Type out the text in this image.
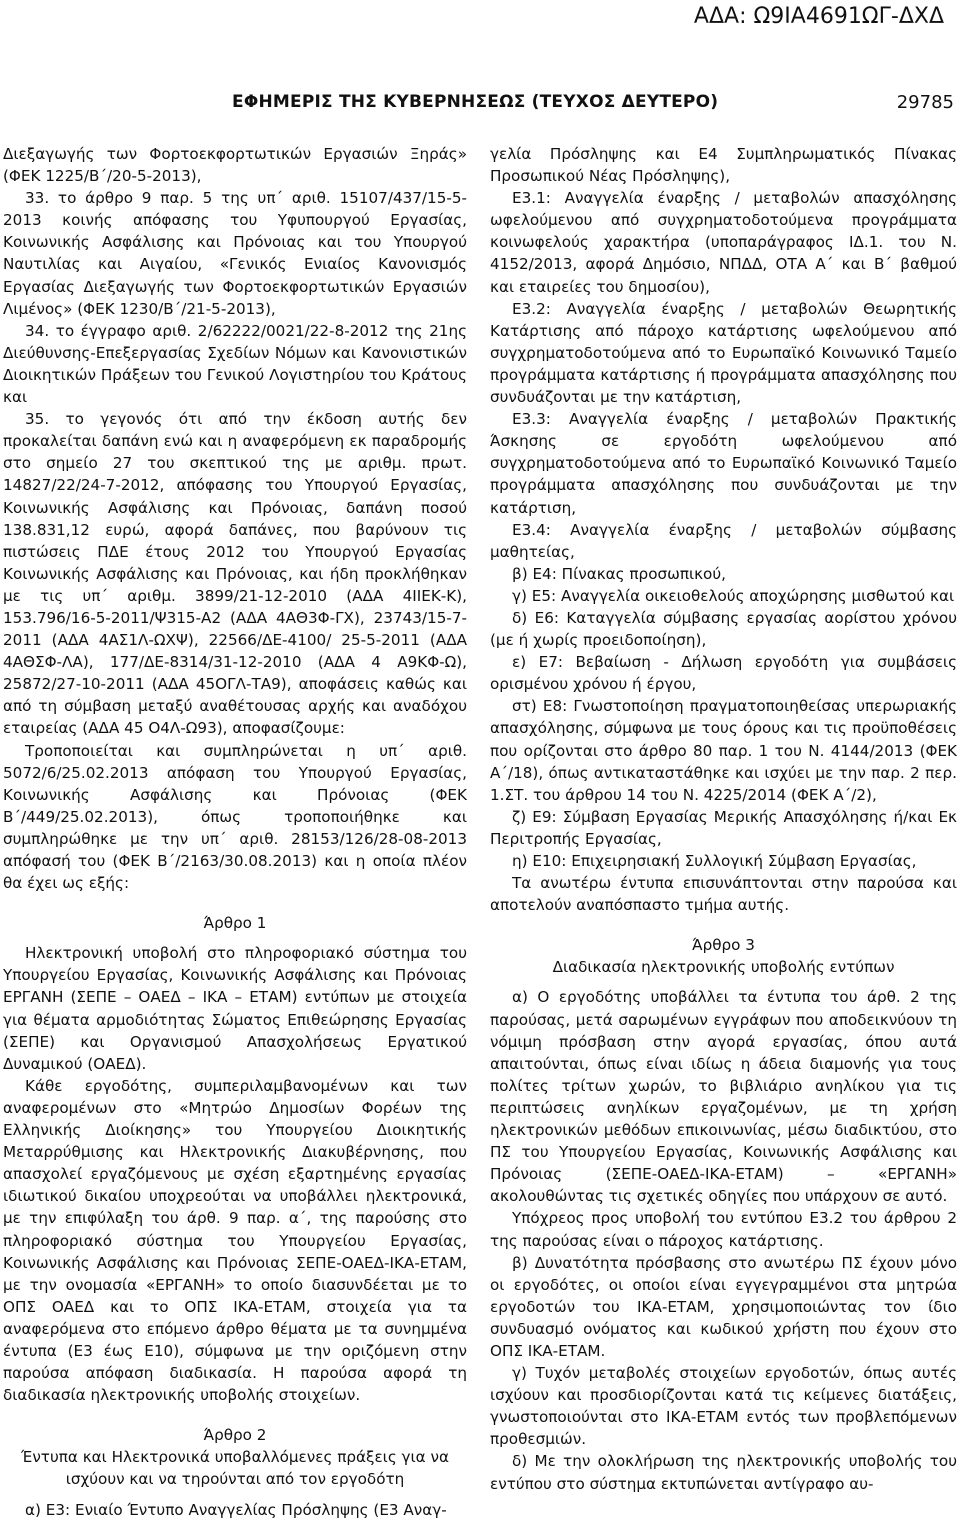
ΑΔΑ: Ω9ΙΑ4691ΩΓ-ΔΧΔ
ΕΦΗΜΕΡΙΣ ΤΗΣ ΚΥΒΕΡΝΗΣΕΩΣ (ΤΕΥΧΟΣ ΔΕΥΤΕΡΟ)	29785

Διεξαγωγής των Φορτοεκφορτωτικών Εργασιών Ξηράς» (ΦΕΚ 1225/Β΄/20-5-2013),

33. το άρθρο 9 παρ. 5 της υπ΄ αριθ. 15107/437/15-5-2013 κοινής απόφασης του Υφυπουργού Εργασίας, Κοινωνικής Ασφάλισης και Πρόνοιας και του Υπουργού Ναυτιλίας και Αιγαίου, «Γενικός Ενιαίος Κανονισμός Εργασίας Διεξαγωγής των Φορτοεκφορτωτικών Εργασιών Λιμένος» (ΦΕΚ 1230/Β΄/21-5-2013),

34. το έγγραφο αριθ. 2/62222/0021/22-8-2012 της 21ης Διεύθυνσης-Επεξεργασίας Σχεδίων Νόμων και Κανονιστικών Διοικητικών Πράξεων του Γενικού Λογιστηρίου του Κράτους και

35. το γεγονός ότι από την έκδοση αυτής δεν προκαλείται δαπάνη ενώ και η αναφερόμενη εκ παραδρομής στο σημείο 27 του σκεπτικού της με αριθμ. πρωτ. 14827/22/24-7-2012, απόφασης του Υπουργού Εργασίας, Κοινωνικής Ασφάλισης και Πρόνοιας, δαπάνη ποσού 138.831,12 ευρώ, αφορά δαπάνες, που βαρύνουν τις πιστώσεις ΠΔΕ έτους 2012 του Υπουργού Εργασίας Κοινωνικής Ασφάλισης και Πρόνοιας, και ήδη προκλήθηκαν με τις υπ΄ αριθμ. 3899/21-12-2010 (ΑΔΑ 4ΙΙΕΚ-Κ), 153.796/16-5-2011/Ψ315-Α2 (ΑΔΑ 4ΑΘ3Φ-ΓΧ), 23743/15-7-2011 (ΑΔΑ 4ΑΣ1Λ-ΩΧΨ), 22566/ΔΕ-4100/ 25-5-2011 (ΑΔΑ 4ΑΘΣΦ-ΛΑ), 177/ΔΕ-8314/31-12-2010 (ΑΔΑ 4 Α9ΚΦ-Ω), 25872/27-10-2011 (ΑΔΑ 45ΟΓΛ-ΤΑ9), αποφάσεις καθώς και από τη σύμβαση μεταξύ αναθέτουσας αρχής και αναδόχου εταιρείας (ΑΔΑ 45 Ο4Λ-Ω93), αποφασίζουμε:

Τροποποιείται και συμπληρώνεται η υπ΄ αριθ. 5072/6/25.02.2013 απόφαση του Υπουργού Εργασίας, Κοινωνικής Ασφάλισης και Πρόνοιας (ΦΕΚ Β΄/449/25.02.2013), όπως τροποποιήθηκε και συμπληρώθηκε με την υπ΄ αριθ. 28153/126/28-08-2013 απόφασή του (ΦΕΚ Β΄/2163/30.08.2013) και η οποία πλέον θα έχει ως εξής:

Άρθρο 1

Ηλεκτρονική υποβολή στο πληροφοριακό σύστημα του Υπουργείου Εργασίας, Κοινωνικής Ασφάλισης και Πρόνοιας ΕΡΓΑΝΗ (ΣΕΠΕ – ΟΑΕΔ – ΙΚΑ – ΕΤΑΜ) εντύπων με στοιχεία για θέματα αρμοδιότητας Σώματος Επιθεώρησης Εργασίας (ΣΕΠΕ) και Οργανισμού Απασχολήσεως Εργατικού Δυναμικού (ΟΑΕΔ).

Κάθε εργοδότης, συμπεριλαμβανομένων και των αναφερομένων στο «Μητρώο Δημοσίων Φορέων της Ελληνικής Διοίκησης» του Υπουργείου Διοικητικής Μεταρρύθμισης και Ηλεκτρονικής Διακυβέρνησης, που απασχολεί εργαζόμενους με σχέση εξαρτημένης εργασίας ιδιωτικού δικαίου υποχρεούται να υποβάλλει ηλεκτρονικά, με την επιφύλαξη του άρθ. 9 παρ. α΄, της παρούσης στο πληροφοριακό σύστημα του Υπουργείου Εργασίας, Κοινωνικής Ασφάλισης και Πρόνοιας ΣΕΠΕ-ΟΑΕΔ-ΙΚΑ-ΕΤΑΜ, με την ονομασία «ΕΡΓΑΝΗ» το οποίο διασυνδέεται με το ΟΠΣ ΟΑΕΔ και το ΟΠΣ ΙΚΑ-ΕΤΑΜ, στοιχεία για τα αναφερόμενα στο επόμενο άρθρο θέματα με τα συνημμένα έντυπα (Ε3 έως Ε10), σύμφωνα με την οριζόμενη στην παρούσα απόφαση διαδικασία. Η παρούσα αφορά τη διαδικασία ηλεκτρονικής υποβολής στοιχείων.

Άρθρο 2

Έντυπα και Ηλεκτρονικά υποβαλλόμενες πράξεις για να ισχύουν και να τηρούνται από τον εργοδότη

α) Ε3: Ενιαίο Έντυπο Αναγγελίας Πρόσληψης (Ε3 Αναγ-

γελία Πρόσληψης και Ε4 Συμπληρωματικός Πίνακας Προσωπικού Νέας Πρόσληψης),

Ε3.1: Αναγγελία έναρξης / μεταβολών απασχόλησης ωφελούμενου από συγχρηματοδοτούμενα προγράμματα κοινωφελούς χαρακτήρα (υποπαράγραφος ΙΔ.1. του Ν. 4152/2013, αφορά Δημόσιο, ΝΠΔΔ, ΟΤΑ Α΄ και Β΄ βαθμού και εταιρείες του δημοσίου),

Ε3.2: Αναγγελία έναρξης / μεταβολών Θεωρητικής Κατάρτισης από πάροχο κατάρτισης ωφελούμενου από συγχρηματοδοτούμενα από το Ευρωπαϊκό Κοινωνικό Ταμείο προγράμματα κατάρτισης ή προγράμματα απασχόλησης που συνδυάζονται με την κατάρτιση,

Ε3.3: Αναγγελία έναρξης / μεταβολών Πρακτικής Άσκησης σε εργοδότη ωφελούμενου από συγχρηματοδοτούμενα από το Ευρωπαϊκό Κοινωνικό Ταμείο προγράμματα απασχόλησης που συνδυάζονται με την κατάρτιση,

Ε3.4: Αναγγελία έναρξης / μεταβολών σύμβασης μαθητείας,

β) Ε4: Πίνακας προσωπικού,

γ) Ε5: Αναγγελία οικειοθελούς αποχώρησης μισθωτού και

δ) Ε6: Καταγγελία σύμβασης εργασίας αορίστου χρόνου (με ή χωρίς προειδοποίηση),

ε) Ε7: Βεβαίωση - Δήλωση εργοδότη για συμβάσεις ορισμένου χρόνου ή έργου,

στ) Ε8: Γνωστοποίηση πραγματοποιηθείσας υπερωριακής απασχόλησης, σύμφωνα με τους όρους και τις προϋποθέσεις που ορίζονται στο άρθρο 80 παρ. 1 του Ν. 4144/2013 (ΦΕΚ Α΄/18), όπως αντικαταστάθηκε και ισχύει με την παρ. 2 περ. 1.ΣΤ. του άρθρου 14 του Ν. 4225/2014 (ΦΕΚ Α΄/2),

ζ) Ε9: Σύμβαση Εργασίας Μερικής Απασχόλησης ή/και Εκ Περιτροπής Εργασίας,

η) Ε10: Επιχειρησιακή Συλλογική Σύμβαση Εργασίας,

Τα ανωτέρω έντυπα επισυνάπτονται στην παρούσα και αποτελούν αναπόσπαστο τμήμα αυτής.

Άρθρο 3

Διαδικασία ηλεκτρονικής υποβολής εντύπων

α) Ο εργοδότης υποβάλλει τα έντυπα του άρθ. 2 της παρούσας, μετά σαρωμένων εγγράφων που αποδεικνύουν τη νόμιμη πρόσβαση στην αγορά εργασίας, όπου αυτά απαιτούνται, όπως είναι ιδίως η άδεια διαμονής για τους πολίτες τρίτων χωρών, το βιβλιάριο ανηλίκου για τις περιπτώσεις ανηλίκων εργαζομένων, με τη χρήση ηλεκτρονικών μεθόδων επικοινωνίας, μέσω διαδικτύου, στο ΠΣ του Υπουργείου Εργασίας, Κοινωνικής Ασφάλισης και Πρόνοιας (ΣΕΠΕ-ΟΑΕΔ-ΙΚΑ-ΕΤΑΜ) – «ΕΡΓΑΝΗ» ακολουθώντας τις σχετικές οδηγίες που υπάρχουν σε αυτό.

Υπόχρεος προς υποβολή του εντύπου Ε3.2 του άρθρου 2 της παρούσας είναι ο πάροχος κατάρτισης.

β) Δυνατότητα πρόσβασης στο ανωτέρω ΠΣ έχουν μόνο οι εργοδότες, οι οποίοι είναι εγγεγραμμένοι στα μητρώα εργοδοτών του ΙΚΑ-ΕΤΑΜ, χρησιμοποιώντας τον ίδιο συνδυασμό ονόματος και κωδικού χρήστη που έχουν στο ΟΠΣ ΙΚΑ-ΕΤΑΜ.

γ) Τυχόν μεταβολές στοιχείων εργοδοτών, όπως αυτές ισχύουν και προσδιορίζονται κατά τις κείμενες διατάξεις, γνωστοποιούνται στο ΙΚΑ-ΕΤΑΜ εντός των προβλεπόμενων προθεσμιών.

δ) Με την ολοκλήρωση της ηλεκτρονικής υποβολής του εντύπου στο σύστημα εκτυπώνεται αντίγραφο αυ-
